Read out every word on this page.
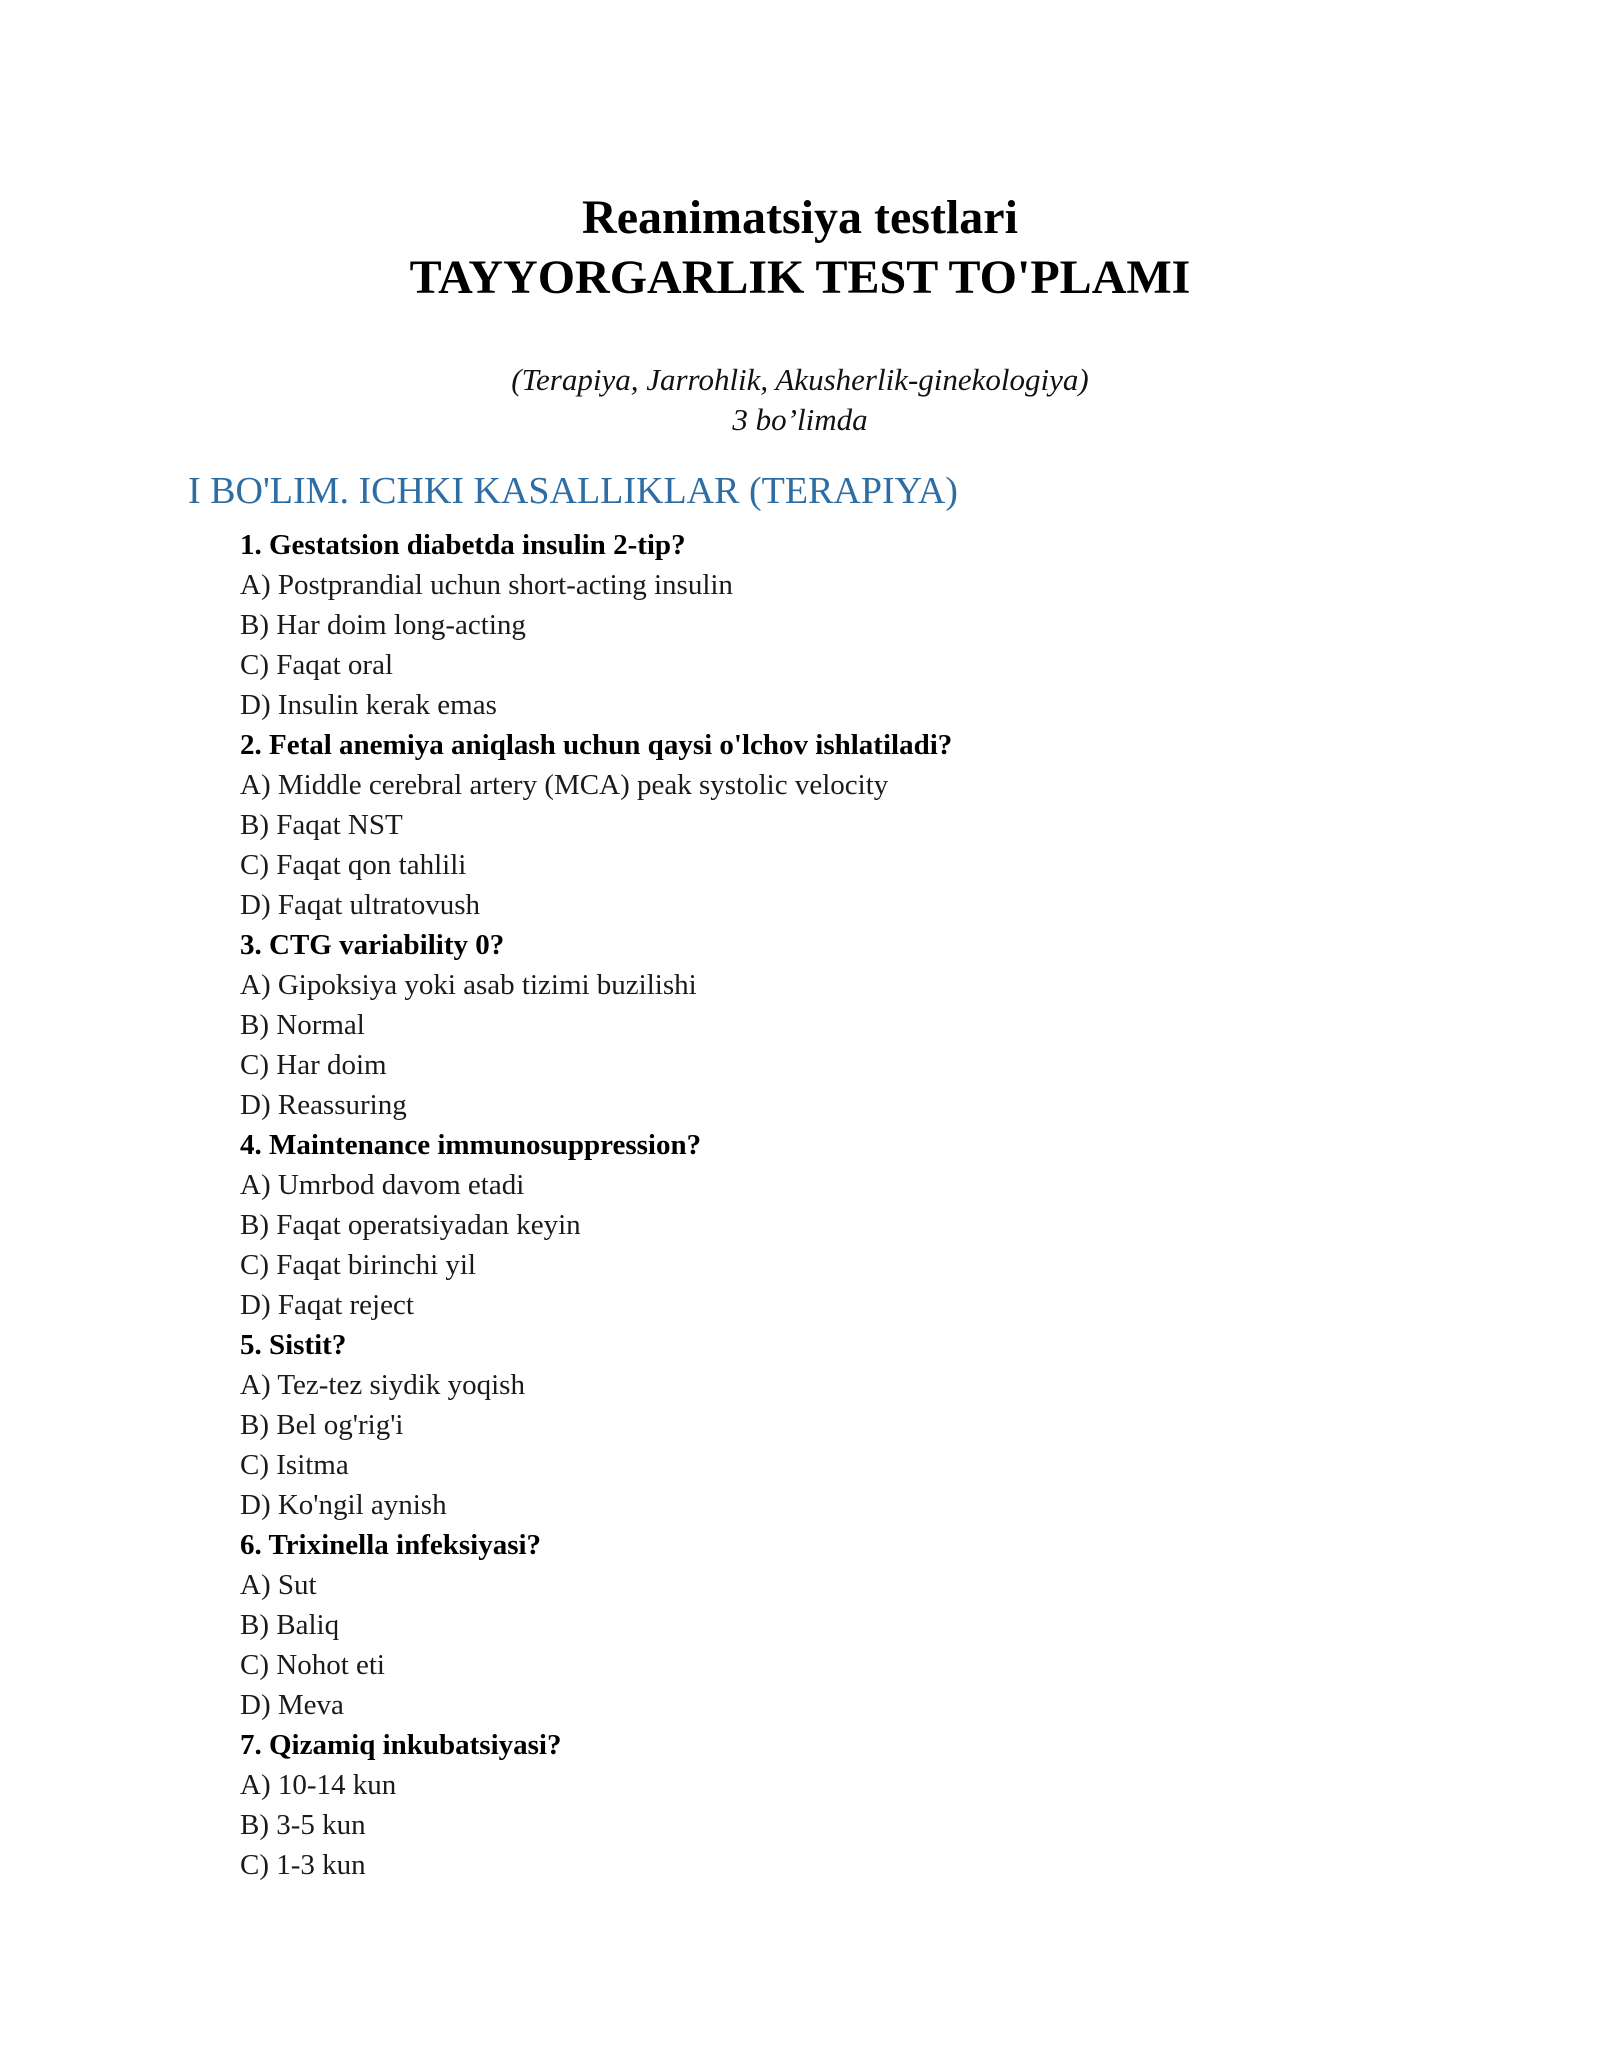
Reanimatsiya testlari
TAYYORGARLIK TEST TO'PLAMI
(Terapiya, Jarrohlik, Akusherlik-ginekologiya)
3 bo’limda
I BO'LIM. ICHKI KASALLIKLAR (TERAPIYA)
1. Gestatsion diabetda insulin 2-tip?
A) Postprandial uchun short-acting insulin
B) Har doim long-acting
C) Faqat oral
D) Insulin kerak emas
2. Fetal anemiya aniqlash uchun qaysi o'lchov ishlatiladi?
A) Middle cerebral artery (MCA) peak systolic velocity
B) Faqat NST
C) Faqat qon tahlili
D) Faqat ultratovush
3. CTG variability 0?
A) Gipoksiya yoki asab tizimi buzilishi
B) Normal
C) Har doim
D) Reassuring
4. Maintenance immunosuppression?
A) Umrbod davom etadi
B) Faqat operatsiyadan keyin
C) Faqat birinchi yil
D) Faqat reject
5. Sistit?
A) Tez-tez siydik yoqish
B) Bel og'rig'i
C) Isitma
D) Ko'ngil aynish
6. Trixinella infeksiyasi?
A) Sut
B) Baliq
C) Nohot eti
D) Meva
7. Qizamiq inkubatsiyasi?
A) 10-14 kun
B) 3-5 kun
C) 1-3 kun
